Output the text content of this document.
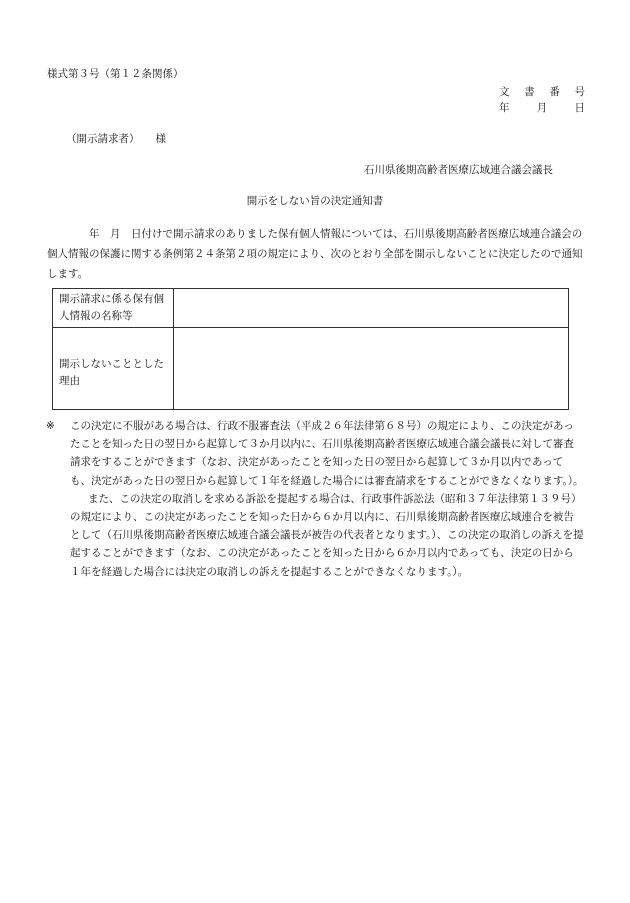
様式第３号（第１２条関係）
文 書 番 号
年	月	日
（開示請求者） 様
石川県後期高齢者医療広域連合議会議長
開示をしない旨の決定通知書
年　月　日付けで開示請求のありました保有個人情報については、石川県後期高齢者医療広域連合議会の個人情報の保護に関する条例第２４条第２項の規定により、次のとおり全部を開示しないことに決定したので通知します。
開示請求に係る保有個人情報の名称等	
開示しないこととした理由	

※ この決定に不服がある場合は、行政不服審査法（平成２６年法律第６８号）の規定により、この決定があったことを知った日の翌日から起算して３か月以内に、石川県後期高齢者医療広域連合議会議長に対して審査請求をすることができます（なお、決定があったことを知った日の翌日から起算して３か月以内であっても、決定があった日の翌日から起算して１年を経過した場合には審査請求をすることができなくなります。）。

また、この決定の取消しを求める訴訟を提起する場合は、行政事件訴訟法（昭和３７年法律第１３９号）の規定により、この決定があったことを知った日から６か月以内に、石川県後期高齢者医療広域連合を被告として（石川県後期高齢者医療広域連合議会議長が被告の代表者となります。）、この決定の取消しの訴えを提起することができます（なお、この決定があったことを知った日から６か月以内であっても、決定の日から１年を経過した場合には決定の取消しの訴えを提起することができなくなります。）。
